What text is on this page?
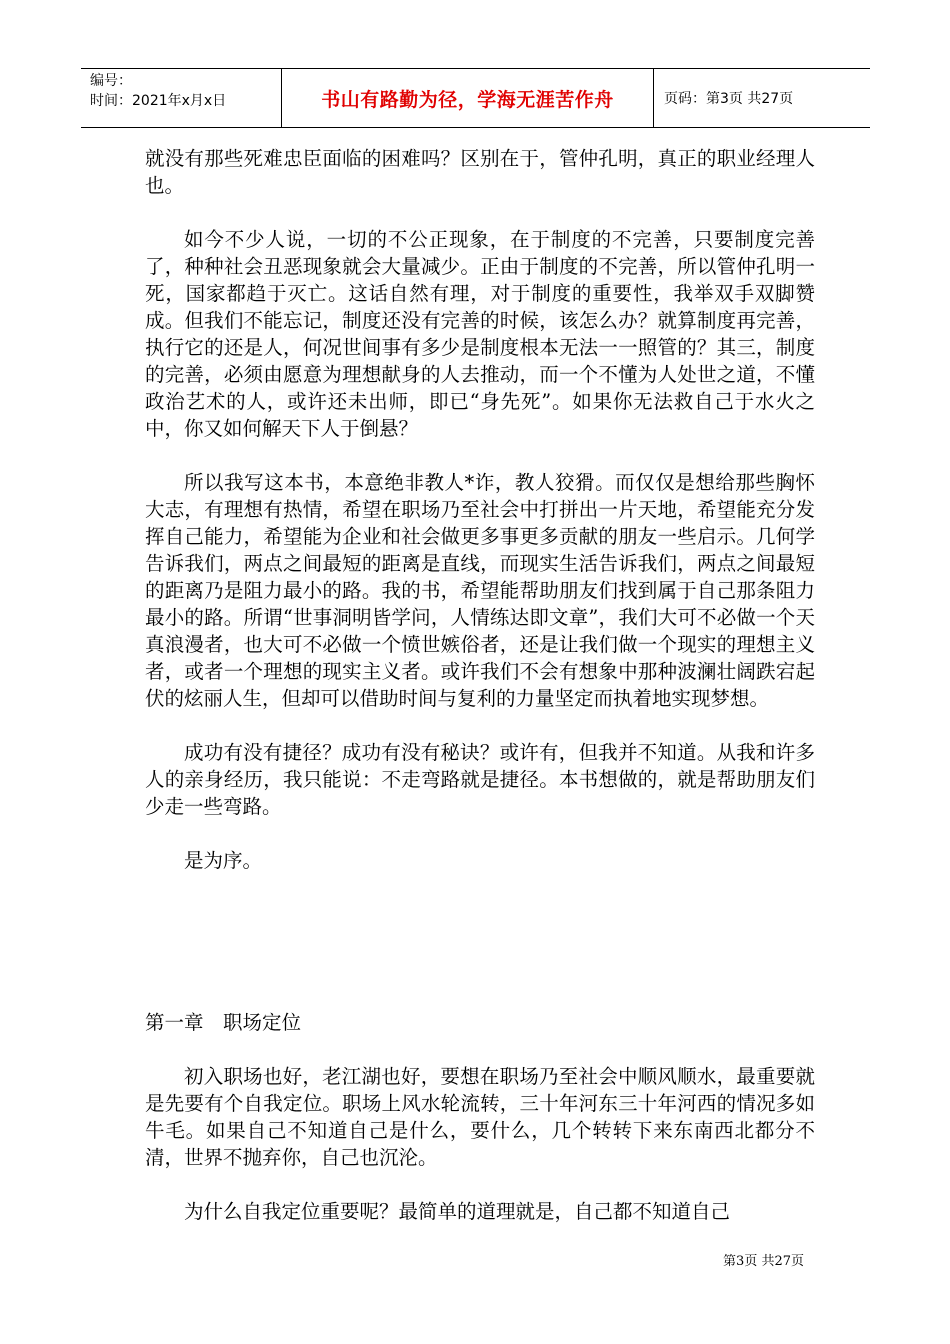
编号：
时间：2021年x月x日	书山有路勤为径，学海无涯苦作舟	页码：第3页 共27页

就没有那些死难忠臣面临的困难吗？区别在于，管仲孔明，真正的职业经理人也。

如今不少人说，一切的不公正现象，在于制度的不完善，只要制度完善了，种种社会丑恶现象就会大量减少。正由于制度的不完善，所以管仲孔明一死，国家都趋于灭亡。这话自然有理，对于制度的重要性，我举双手双脚赞成。但我们不能忘记，制度还没有完善的时候，该怎么办？就算制度再完善，执行它的还是人，何况世间事有多少是制度根本无法一一照管的？其三，制度的完善，必须由愿意为理想献身的人去推动，而一个不懂为人处世之道，不懂政治艺术的人，或许还未出师，即已“身先死”。如果你无法救自己于水火之中，你又如何解天下人于倒悬？

所以我写这本书，本意绝非教人*诈，教人狡猾。而仅仅是想给那些胸怀大志，有理想有热情，希望在职场乃至社会中打拼出一片天地，希望能充分发挥自己能力，希望能为企业和社会做更多事更多贡献的朋友一些启示。几何学告诉我们，两点之间最短的距离是直线，而现实生活告诉我们，两点之间最短的距离乃是阻力最小的路。我的书，希望能帮助朋友们找到属于自己那条阻力最小的路。所谓“世事洞明皆学问，人情练达即文章”，我们大可不必做一个天真浪漫者，也大可不必做一个愤世嫉俗者，还是让我们做一个现实的理想主义者，或者一个理想的现实主义者。或许我们不会有想象中那种波澜壮阔跌宕起伏的炫丽人生，但却可以借助时间与复利的力量坚定而执着地实现梦想。

成功有没有捷径？成功有没有秘诀？或许有，但我并不知道。从我和许多人的亲身经历，我只能说：不走弯路就是捷径。本书想做的，就是帮助朋友们少走一些弯路。

是为序。

第一章　职场定位

初入职场也好，老江湖也好，要想在职场乃至社会中顺风顺水，最重要就是先要有个自我定位。职场上风水轮流转，三十年河东三十年河西的情况多如牛毛。如果自己不知道自己是什么，要什么，几个转转下来东南西北都分不清，世界不抛弃你，自己也沉沦。

为什么自我定位重要呢？最简单的道理就是，自己都不知道自己

第3页 共27页
